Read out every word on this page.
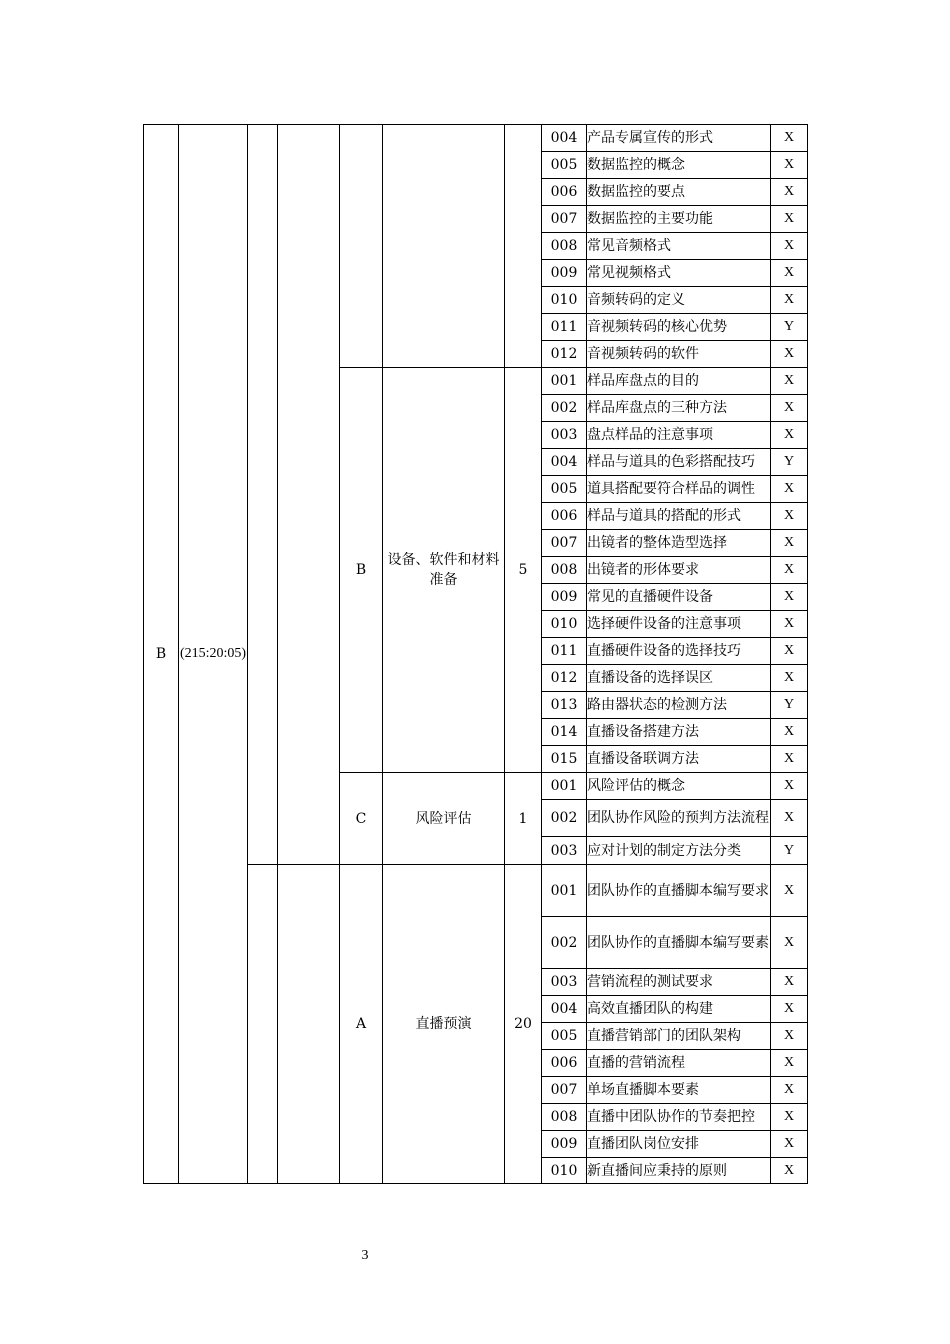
B	(215:20:05)						004	产品专属宣传的形式	X
							005	数据监控的概念	X
							006	数据监控的要点	X
							007	数据监控的主要功能	X
							008	常见音频格式	X
							009	常见视频格式	X
							010	音频转码的定义	X
							011	音视频转码的核心优势	Y
							012	音视频转码的软件	X
				B	设备、软件和材料准备	5	001	样品库盘点的目的	X
							002	样品库盘点的三种方法	X
							003	盘点样品的注意事项	X
							004	样品与道具的色彩搭配技巧	Y
							005	道具搭配要符合样品的调性	X
							006	样品与道具的搭配的形式	X
							007	出镜者的整体造型选择	X
							008	出镜者的形体要求	X
							009	常见的直播硬件设备	X
							010	选择硬件设备的注意事项	X
							011	直播硬件设备的选择技巧	X
							012	直播设备的选择误区	X
							013	路由器状态的检测方法	Y
							014	直播设备搭建方法	X
							015	直播设备联调方法	X
				C	风险评估	1	001	风险评估的概念	X
							002	团队协作风险的预判方法流程	X
							003	应对计划的制定方法分类	Y
				A	直播预演	20	001	团队协作的直播脚本编写要求	X
							002	团队协作的直播脚本编写要素	X
							003	营销流程的测试要求	X
							004	高效直播团队的构建	X
							005	直播营销部门的团队架构	X
							006	直播的营销流程	X
							007	单场直播脚本要素	X
							008	直播中团队协作的节奏把控	X
							009	直播团队岗位安排	X
							010	新直播间应秉持的原则	X
3
